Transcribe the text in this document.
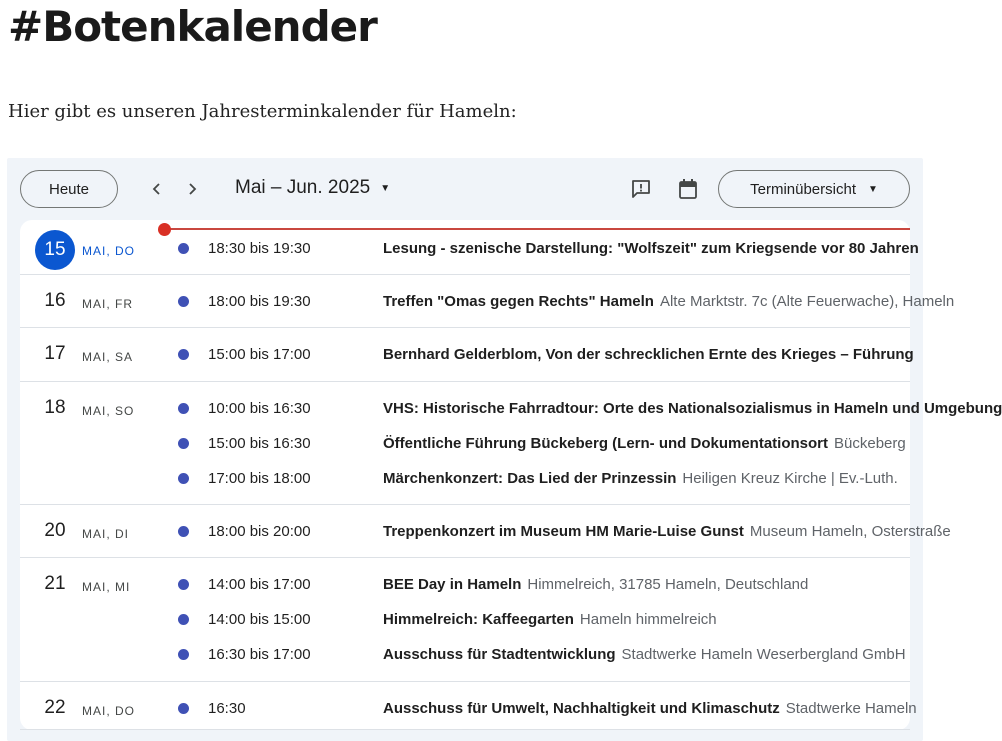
#Botenkalender
Hier gibt es unseren Jahresterminkalender für Hameln:
Heute	Mai – Jun. 2025 ▼	Terminübersicht ▼
15	MAI, DO	18:30 bis 19:30	Lesung - szenische Darstellung: "Wolfszeit" zum Kriegsende vor 80 Jahren
16	MAI, FR	18:00 bis 19:30	Treffen "Omas gegen Rechts" Hameln Alte Marktstr. 7c (Alte Feuerwache), Hameln
17	MAI, SA	15:00 bis 17:00	Bernhard Gelderblom, Von der schrecklichen Ernte des Krieges – Führung
18	MAI, SO	10:00 bis 16:30	VHS: Historische Fahrradtour: Orte des Nationalsozialismus in Hameln und Umgebung
15:00 bis 16:30	Öffentliche Führung Bückeberg (Lern- und Dokumentationsort Bückeberg
17:00 bis 18:00	Märchenkonzert: Das Lied der Prinzessin Heiligen Kreuz Kirche | Ev.-Luth.
20	MAI, DI	18:00 bis 20:00	Treppenkonzert im Museum HM Marie-Luise Gunst Museum Hameln, Osterstraße
21	MAI, MI	14:00 bis 17:00	BEE Day in Hameln Himmelreich, 31785 Hameln, Deutschland
14:00 bis 15:00	Himmelreich: Kaffeegarten Hameln himmelreich
16:30 bis 17:00	Ausschuss für Stadtentwicklung Stadtwerke Hameln Weserbergland GmbH
22	MAI, DO	16:30	Ausschuss für Umwelt, Nachhaltigkeit und Klimaschutz Stadtwerke Hameln
